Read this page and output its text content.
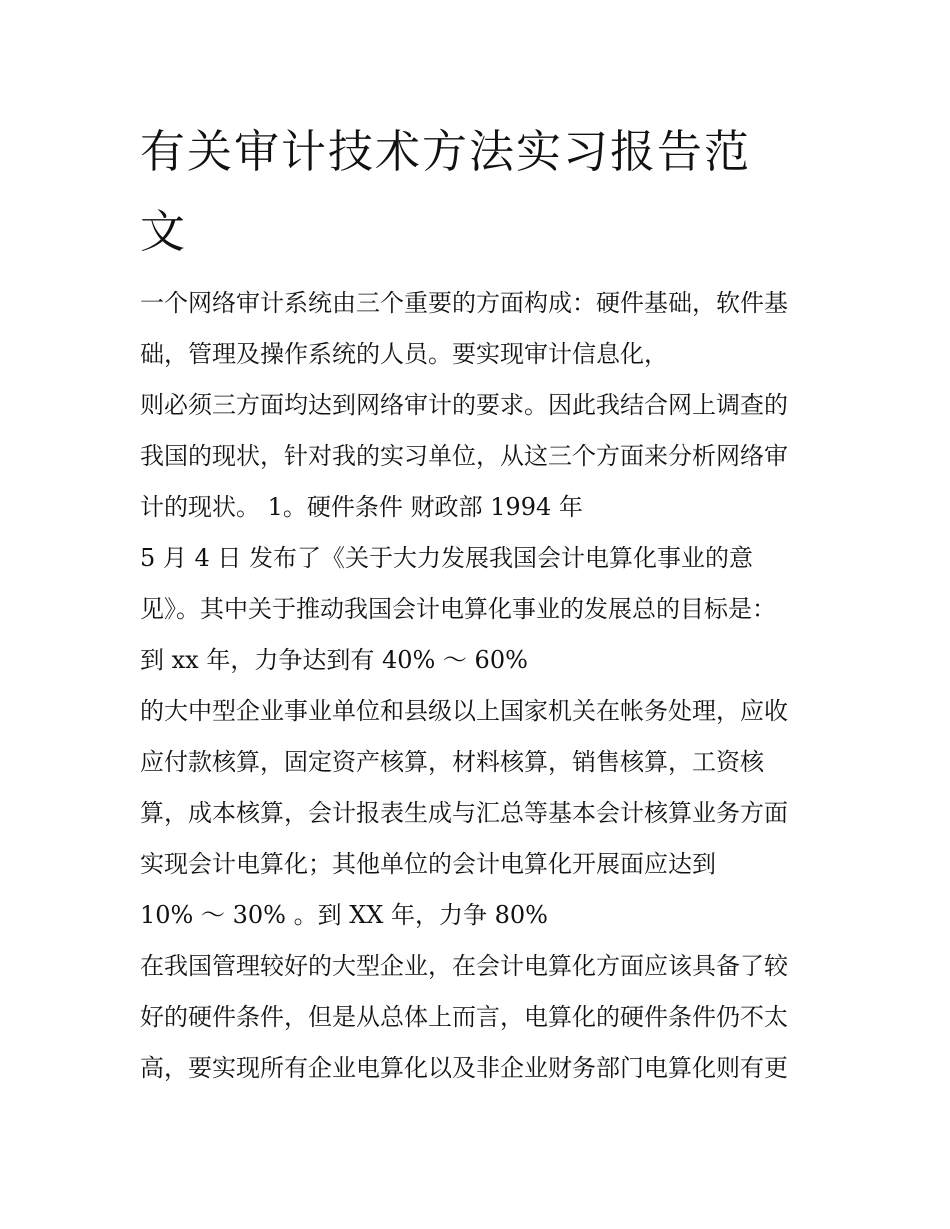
有关审计技术方法实习报告范
文
一个网络审计系统由三个重要的方面构成：硬件基础，软件基
础，管理及操作系统的人员。要实现审计信息化，
则必须三方面均达到网络审计的要求。因此我结合网上调查的
我国的现状，针对我的实习单位，从这三个方面来分析网络审
计的现状。 1。硬件条件 财政部 1994 年
5 月 4 日 发布了《关于大力发展我国会计电算化事业的意
见》。其中关于推动我国会计电算化事业的发展总的目标是：
到 xx 年，力争达到有 40% ～ 60%
的大中型企业事业单位和县级以上国家机关在帐务处理，应收
应付款核算，固定资产核算，材料核算，销售核算，工资核
算，成本核算，会计报表生成与汇总等基本会计核算业务方面
实现会计电算化；其他单位的会计电算化开展面应达到
10% ～ 30% 。到 XX 年，力争 80%
在我国管理较好的大型企业，在会计电算化方面应该具备了较
好的硬件条件，但是从总体上而言，电算化的硬件条件仍不太
高，要实现所有企业电算化以及非企业财务部门电算化则有更
